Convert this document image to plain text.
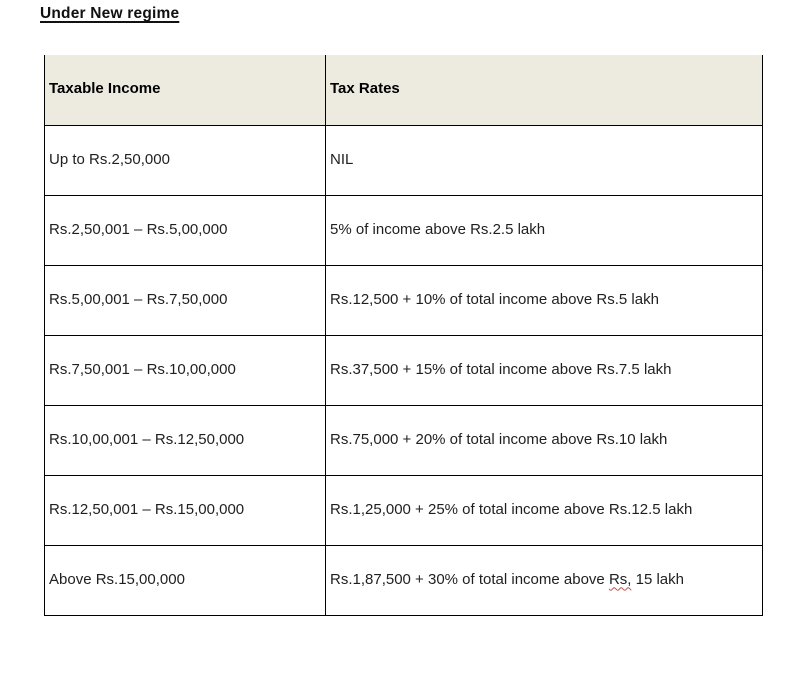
Under New regime
Taxable Income	Tax Rates
Up to Rs.2,50,000	NIL
Rs.2,50,001 – Rs.5,00,000	5% of income above Rs.2.5 lakh
Rs.5,00,001 – Rs.7,50,000	Rs.12,500 + 10% of total income above Rs.5 lakh
Rs.7,50,001 – Rs.10,00,000	Rs.37,500 + 15% of total income above Rs.7.5 lakh
Rs.10,00,001 – Rs.12,50,000	Rs.75,000 + 20% of total income above Rs.10 lakh
Rs.12,50,001 – Rs.15,00,000	Rs.1,25,000 + 25% of total income above Rs.12.5 lakh
Above Rs.15,00,000	Rs.1,87,500 + 30% of total income above Rs, 15 lakh
